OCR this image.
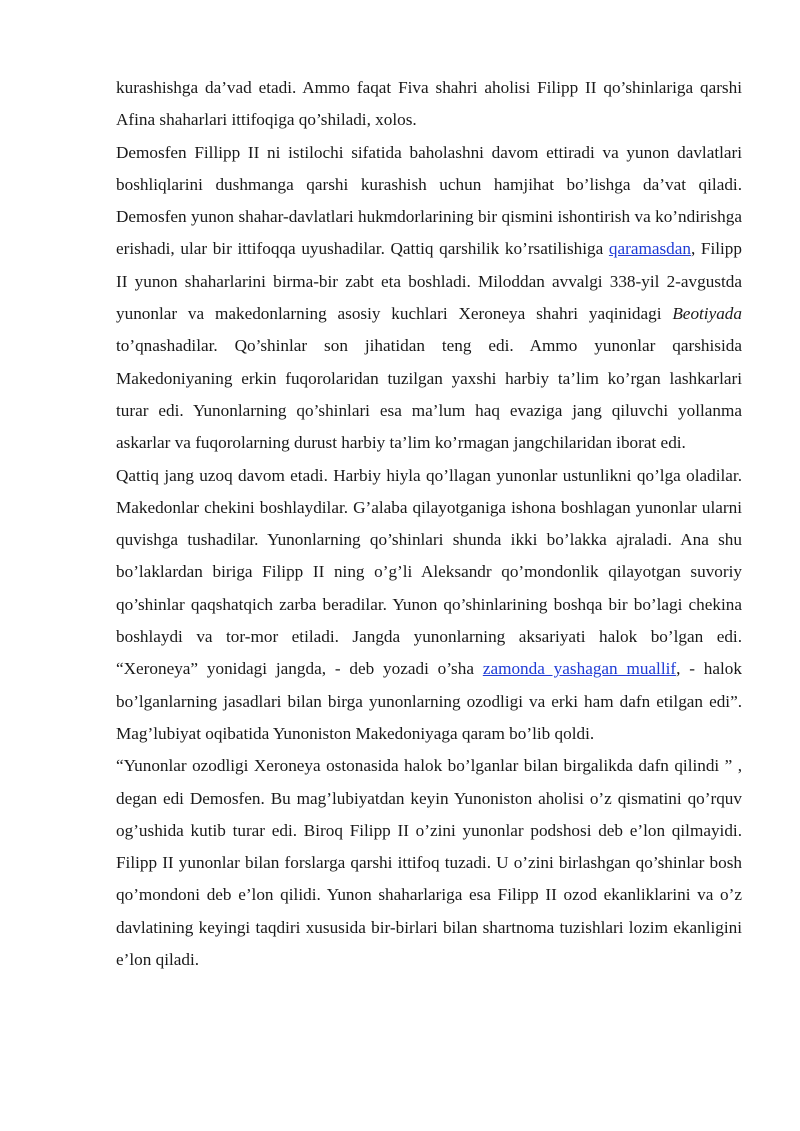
kurashishga da’vad etadi. Ammo faqat Fiva shahri aholisi Filipp II qo’shinlariga qarshi Afina shaharlari ittifoqiga qo’shiladi, xolos.

Demosfen Fillipp II ni istilochi sifatida baholashni davom ettiradi va yunon davlatlari boshliqlarini dushmanga qarshi kurashish uchun hamjihat bo’lishga da’vat qiladi. Demosfen yunon shahar-davlatlari hukmdorlarining bir qismini ishontirish va ko’ndirishga erishadi, ular bir ittifoqqa uyushadilar. Qattiq qarshilik ko’rsatilishiga qaramasdan, Filipp II yunon shaharlarini birma-bir zabt eta boshladi. Miloddan avvalgi 338-yil 2-avgustda yunonlar va makedonlarning asosiy kuchlari Xeroneya shahri yaqinidagi Beotiyada to’qnashadilar. Qo’shinlar son jihatidan teng edi. Ammo yunonlar qarshisida Makedoniyaning erkin fuqorolaridan tuzilgan yaxshi harbiy ta’lim ko’rgan lashkarlari turar edi. Yunonlarning qo’shinlari esa ma’lum haq evaziga jang qiluvchi yollanma askarlar va fuqorolarning durust harbiy ta’lim ko’rmagan jangchilaridan iborat edi.

Qattiq jang uzoq davom etadi. Harbiy hiyla qo’llagan yunonlar ustunlikni qo’lga oladilar. Makedonlar chekini boshlaydilar. G’alaba qilayotganiga ishona boshlagan yunonlar ularni quvishga tushadilar. Yunonlarning qo’shinlari shunda ikki bo’lakka ajraladi. Ana shu bo’laklardan biriga Filipp II ning o’g’li Aleksandr qo’mondonlik qilayotgan suvoriy qo’shinlar qaqshatqich zarba beradilar. Yunon qo’shinlarining boshqa bir bo’lagi chekina boshlaydi va tor-mor etiladi. Jangda yunonlarning aksariyati halok bo’lgan edi. “Xeroneya” yonidagi jangda, - deb yozadi o’sha zamonda yashagan muallif, - halok bo’lganlarning jasadlari bilan birga yunonlarning ozodligi va erki ham dafn etilgan edi”. Mag’lubiyat oqibatida Yunoniston Makedoniyaga qaram bo’lib qoldi.

“Yunonlar ozodligi Xeroneya ostonasida halok bo’lganlar bilan birgalikda dafn qilindi ” , degan edi Demosfen. Bu mag’lubiyatdan keyin Yunoniston aholisi o’z qismatini qo’rquv og’ushida kutib turar edi. Biroq Filipp II o’zini yunonlar podshosi deb e’lon qilmayidi. Filipp II yunonlar bilan forslarga qarshi ittifoq tuzadi. U o’zini birlashgan qo’shinlar bosh qo’mondoni deb e’lon qilidi. Yunon shaharlariga esa Filipp II ozod ekanliklarini va o’z davlatining keyingi taqdiri xususida bir-birlari bilan shartnoma tuzishlari lozim ekanligini e’lon qiladi.
